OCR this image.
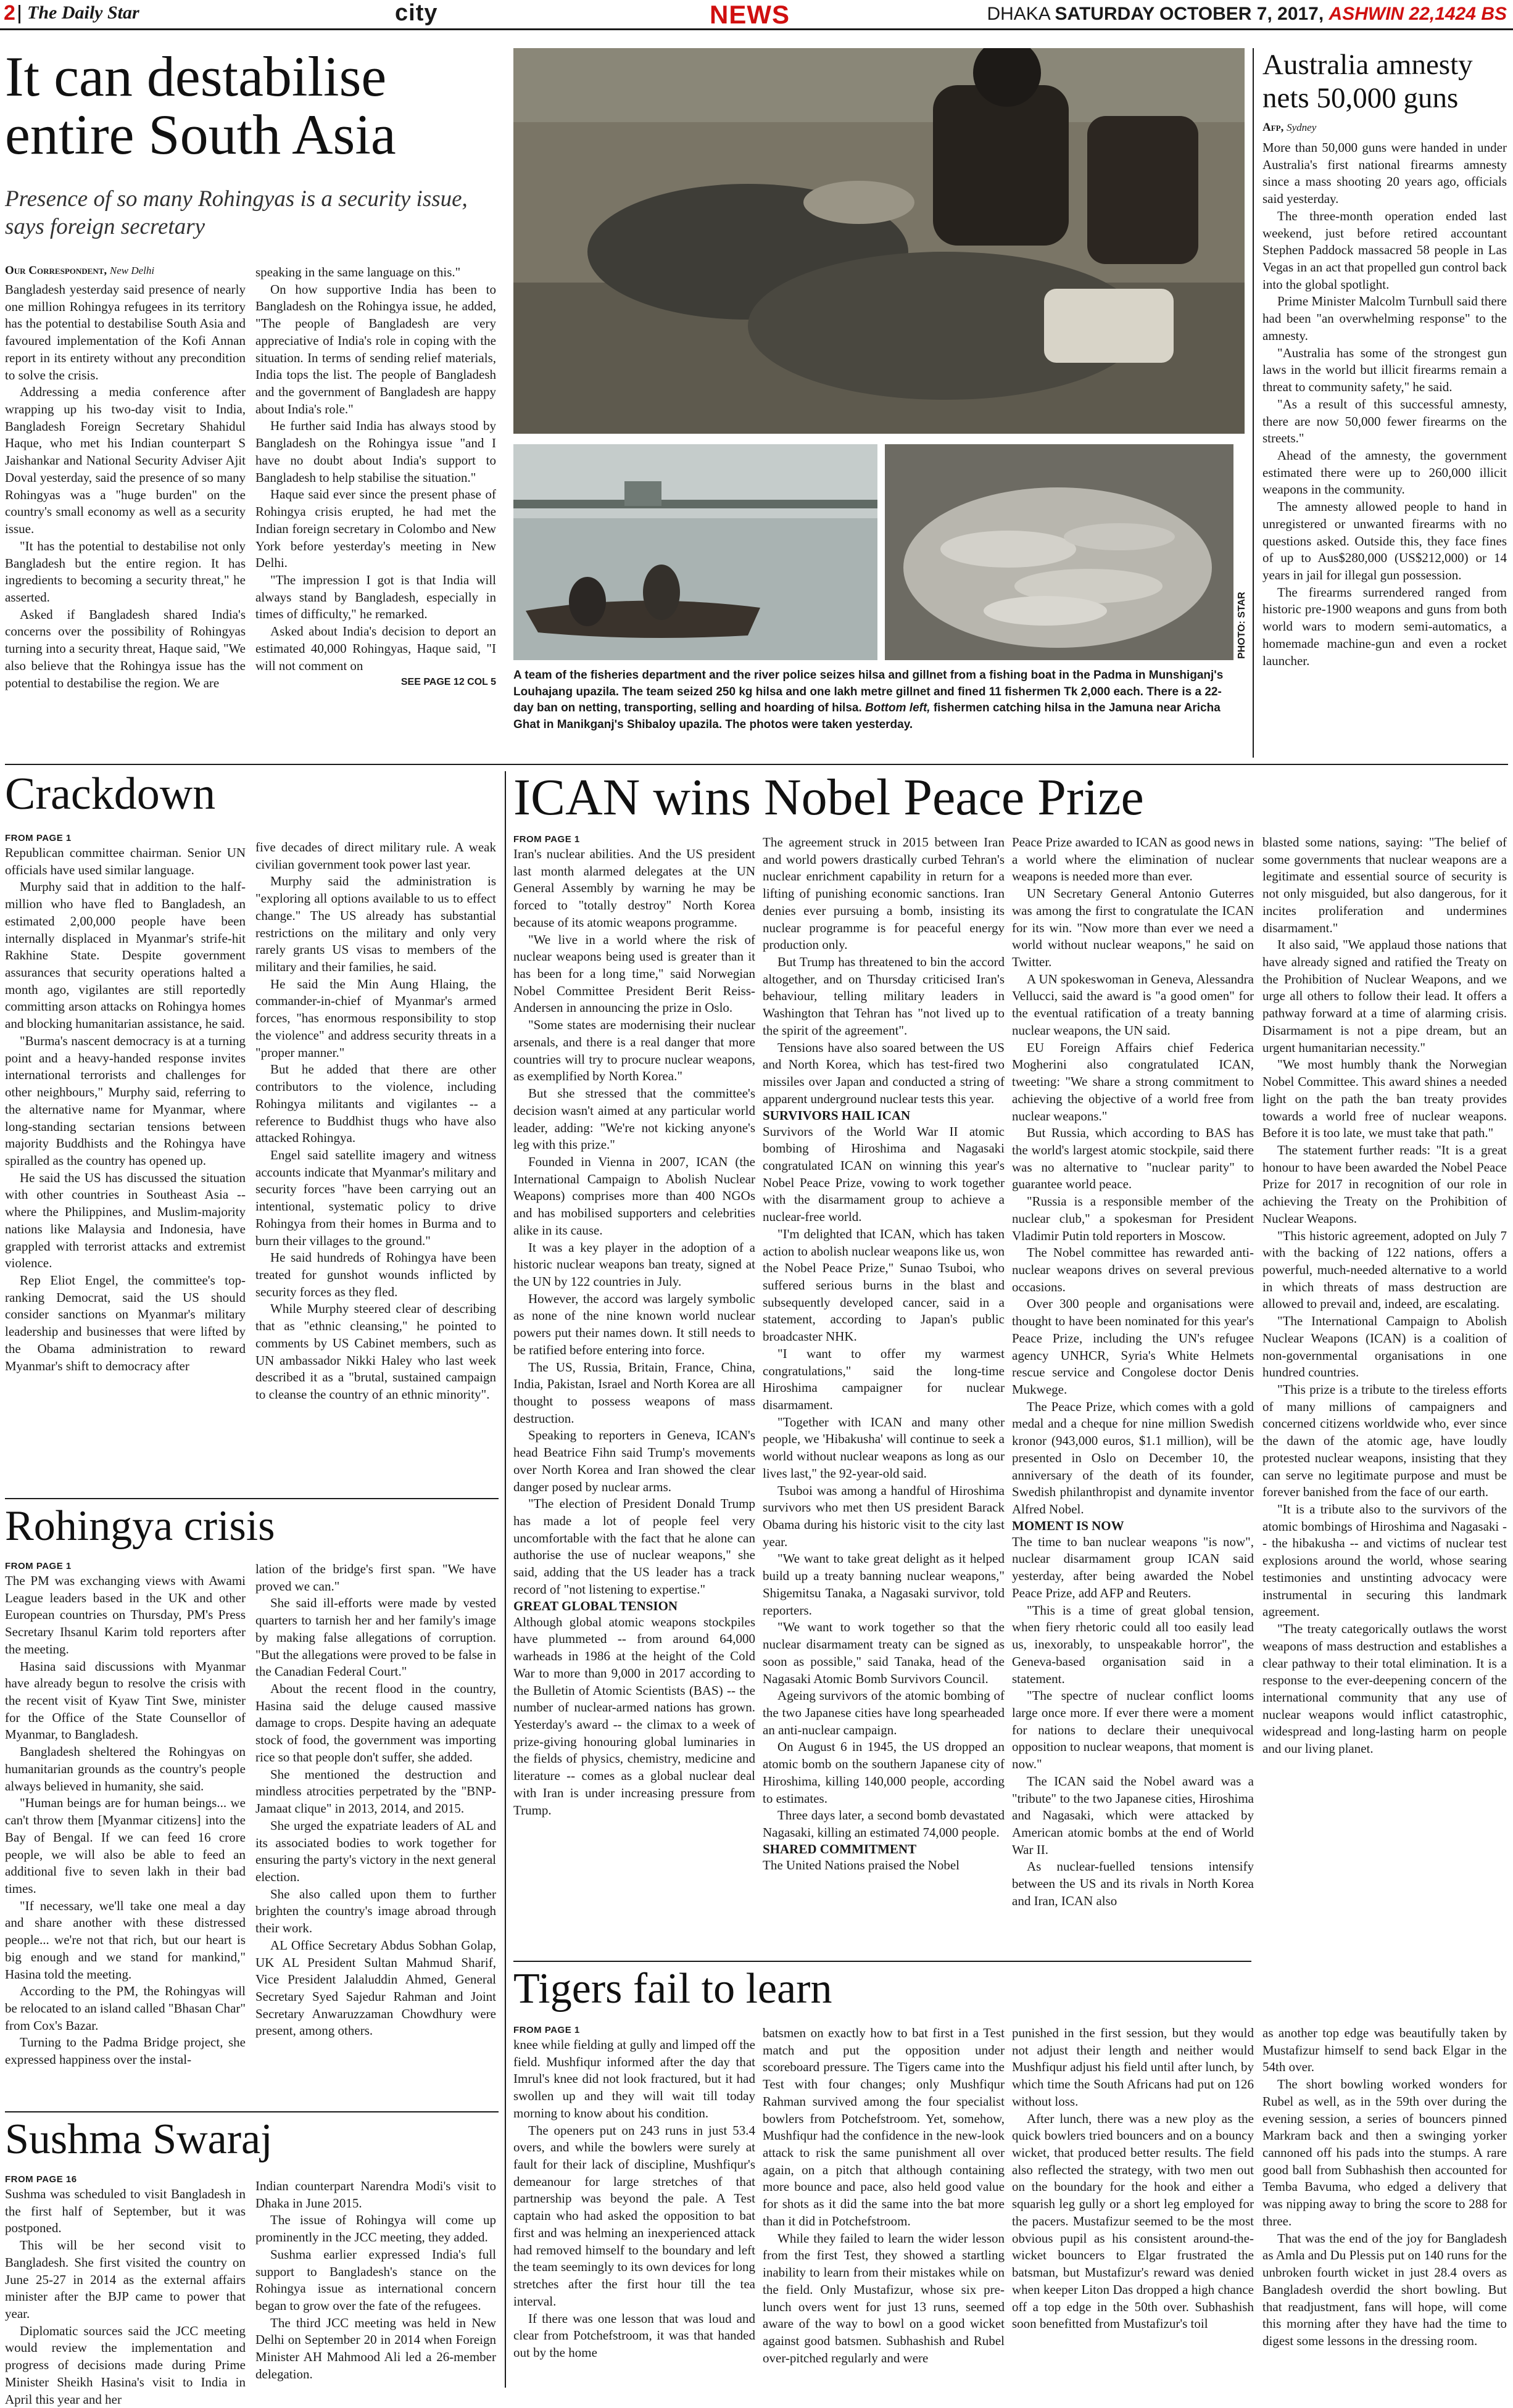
2 The Daily Star	city	NEWS	DHAKA SATURDAY OCTOBER 7, 2017, ASHWIN 22,1424 BS
It can destabilise entire South Asia
Presence of so many Rohingyas is a security issue, says foreign secretary
Our Correspondent, New Delhi

Bangladesh yesterday said presence of nearly one million Rohingya refugees in its territory has the potential to destabilise South Asia and favoured implementation of the Kofi Annan report in its entirety without any precondition to solve the crisis.

Addressing a media conference after wrapping up his two-day visit to India, Bangladesh Foreign Secretary Shahidul Haque, who met his Indian counterpart S Jaishankar and National Security Adviser Ajit Doval yesterday, said the presence of so many Rohingyas was a "huge burden" on the country's small economy as well as a security issue.

"It has the potential to destabilise not only Bangladesh but the entire region. It has ingredients to becoming a security threat," he asserted.

Asked if Bangladesh shared India's concerns over the possibility of Rohingyas turning into a security threat, Haque said, "We also believe that the Rohingya issue has the potential to destabilise the region. We are

speaking in the same language on this."

On how supportive India has been to Bangladesh on the Rohingya issue, he added, "The people of Bangladesh are very appreciative of India's role in coping with the situation. In terms of sending relief materials, India tops the list. The people of Bangladesh and the government of Bangladesh are happy about India's role."

He further said India has always stood by Bangladesh on the Rohingya issue "and I have no doubt about India's support to Bangladesh to help stabilise the situation."

Haque said ever since the present phase of Rohingya crisis erupted, he had met the Indian foreign secretary in Colombo and New York before yesterday's meeting in New Delhi.

"The impression I got is that India will always stand by Bangladesh, especially in times of difficulty," he remarked.

Asked about India's decision to deport an estimated 40,000 Rohingyas, Haque said, "I will not comment on

SEE PAGE 12 COL 5
PHOTO: STAR
A team of the fisheries department and the river police seizes hilsa and gillnet from a fishing boat in the Padma in Munshiganj's Louhajang upazila. The team seized 250 kg hilsa and one lakh metre gillnet and fined 11 fishermen Tk 2,000 each. There is a 22-day ban on netting, transporting, selling and hoarding of hilsa. Bottom left, fishermen catching hilsa in the Jamuna near Aricha Ghat in Manikganj's Shibaloy upazila. The photos were taken yesterday.
Australia amnesty nets 50,000 guns
Afp, Sydney

More than 50,000 guns were handed in under Australia's first national firearms amnesty since a mass shooting 20 years ago, officials said yesterday.

The three-month operation ended last weekend, just before retired accountant Stephen Paddock massacred 58 people in Las Vegas in an act that propelled gun control back into the global spotlight.

Prime Minister Malcolm Turnbull said there had been "an overwhelming response" to the amnesty.

"Australia has some of the strongest gun laws in the world but illicit firearms remain a threat to community safety," he said.

"As a result of this successful amnesty, there are now 50,000 fewer firearms on the streets."

Ahead of the amnesty, the government estimated there were up to 260,000 illicit weapons in the community.

The amnesty allowed people to hand in unregistered or unwanted firearms with no questions asked. Outside this, they face fines of up to Aus$280,000 (US$212,000) or 14 years in jail for illegal gun possession.

The firearms surrendered ranged from historic pre-1900 weapons and guns from both world wars to modern semi-automatics, a homemade machine-gun and even a rocket launcher.

Crackdown
FROM PAGE 1

Republican committee chairman. Senior UN officials have used similar language.

Murphy said that in addition to the half-million who have fled to Bangladesh, an estimated 2,00,000 people have been internally displaced in Myanmar's strife-hit Rakhine State. Despite government assurances that security operations halted a month ago, vigilantes are still reportedly committing arson attacks on Rohingya homes and blocking humanitarian assistance, he said.

"Burma's nascent democracy is at a turning point and a heavy-handed response invites international terrorists and challenges for other neighbours," Murphy said, referring to the alternative name for Myanmar, where long-standing sectarian tensions between majority Buddhists and the Rohingya have spiralled as the country has opened up.

He said the US has discussed the situation with other countries in Southeast Asia -- where the Philippines, and Muslim-majority nations like Malaysia and Indonesia, have grappled with terrorist attacks and extremist violence.

Rep Eliot Engel, the committee's top-ranking Democrat, said the US should consider sanctions on Myanmar's military leadership and businesses that were lifted by the Obama administration to reward Myanmar's shift to democracy after

five decades of direct military rule. A weak civilian government took power last year.

Murphy said the administration is "exploring all options available to us to effect change." The US already has substantial restrictions on the military and only very rarely grants US visas to members of the military and their families, he said.

He said the Min Aung Hlaing, the commander-in-chief of Myanmar's armed forces, "has enormous responsibility to stop the violence" and address security threats in a "proper manner."

But he added that there are other contributors to the violence, including Rohingya militants and vigilantes -- a reference to Buddhist thugs who have also attacked Rohingya.

Engel said satellite imagery and witness accounts indicate that Myanmar's military and security forces "have been carrying out an intentional, systematic policy to drive Rohingya from their homes in Burma and to burn their villages to the ground."

He said hundreds of Rohingya have been treated for gunshot wounds inflicted by security forces as they fled.

While Murphy steered clear of describing that as "ethnic cleansing," he pointed to comments by US Cabinet members, such as UN ambassador Nikki Haley who last week described it as a "brutal, sustained campaign to cleanse the country of an ethnic minority".

Rohingya crisis
FROM PAGE 1

The PM was exchanging views with Awami League leaders based in the UK and other European countries on Thursday, PM's Press Secretary Ihsanul Karim told reporters after the meeting.

Hasina said discussions with Myanmar have already begun to resolve the crisis with the recent visit of Kyaw Tint Swe, minister for the Office of the State Counsellor of Myanmar, to Bangladesh.

Bangladesh sheltered the Rohingyas on humanitarian grounds as the country's people always believed in humanity, she said.

"Human beings are for human beings... we can't throw them [Myanmar citizens] into the Bay of Bengal. If we can feed 16 crore people, we will also be able to feed an additional five to seven lakh in their bad times.

"If necessary, we'll take one meal a day and share another with these distressed people... we're not that rich, but our heart is big enough and we stand for mankind," Hasina told the meeting.

According to the PM, the Rohingyas will be relocated to an island called "Bhasan Char" from Cox's Bazar.

Turning to the Padma Bridge project, she expressed happiness over the instal-

lation of the bridge's first span. "We have proved we can."

She said ill-efforts were made by vested quarters to tarnish her and her family's image by making false allegations of corruption. "But the allegations were proved to be false in the Canadian Federal Court."

About the recent flood in the country, Hasina said the deluge caused massive damage to crops. Despite having an adequate stock of food, the government was importing rice so that people don't suffer, she added.

She mentioned the destruction and mindless atrocities perpetrated by the "BNP-Jamaat clique" in 2013, 2014, and 2015.

She urged the expatriate leaders of AL and its associated bodies to work together for ensuring the party's victory in the next general election.

She also called upon them to further brighten the country's image abroad through their work.

AL Office Secretary Abdus Sobhan Golap, UK AL President Sultan Mahmud Sharif, Vice President Jalaluddin Ahmed, General Secretary Syed Sajedur Rahman and Joint Secretary Anwaruzzaman Chowdhury were present, among others.

Sushma Swaraj
FROM PAGE 16

Sushma was scheduled to visit Bangladesh in the first half of September, but it was postponed.

This will be her second visit to Bangladesh. She first visited the country on June 25-27 in 2014 as the external affairs minister after the BJP came to power that year.

Diplomatic sources said the JCC meeting would review the implementation and progress of decisions made during Prime Minister Sheikh Hasina's visit to India in April this year and her

Indian counterpart Narendra Modi's visit to Dhaka in June 2015.

The issue of Rohingya will come up prominently in the JCC meeting, they added.

Sushma earlier expressed India's full support to Bangladesh's stance on the Rohingya issue as international concern began to grow over the fate of the refugees.

The third JCC meeting was held in New Delhi on September 20 in 2014 when Foreign Minister AH Mahmood Ali led a 26-member delegation.

ICAN wins Nobel Peace Prize
FROM PAGE 1

Iran's nuclear abilities. And the US president last month alarmed delegates at the UN General Assembly by warning he may be forced to "totally destroy" North Korea because of its atomic weapons programme.

"We live in a world where the risk of nuclear weapons being used is greater than it has been for a long time," said Norwegian Nobel Committee President Berit Reiss-Andersen in announcing the prize in Oslo.

"Some states are modernising their nuclear arsenals, and there is a real danger that more countries will try to procure nuclear weapons, as exemplified by North Korea."

But she stressed that the committee's decision wasn't aimed at any particular world leader, adding: "We're not kicking anyone's leg with this prize."

Founded in Vienna in 2007, ICAN (the International Campaign to Abolish Nuclear Weapons) comprises more than 400 NGOs and has mobilised supporters and celebrities alike in its cause.

It was a key player in the adoption of a historic nuclear weapons ban treaty, signed at the UN by 122 countries in July.

However, the accord was largely symbolic as none of the nine known world nuclear powers put their names down. It still needs to be ratified before entering into force.

The US, Russia, Britain, France, China, India, Pakistan, Israel and North Korea are all thought to possess weapons of mass destruction.

Speaking to reporters in Geneva, ICAN's head Beatrice Fihn said Trump's movements over North Korea and Iran showed the clear danger posed by nuclear arms.

"The election of President Donald Trump has made a lot of people feel very uncomfortable with the fact that he alone can authorise the use of nuclear weapons," she said, adding that the US leader has a track record of "not listening to expertise."

GREAT GLOBAL TENSION

Although global atomic weapons stockpiles have plummeted -- from around 64,000 warheads in 1986 at the height of the Cold War to more than 9,000 in 2017 according to the Bulletin of Atomic Scientists (BAS) -- the number of nuclear-armed nations has grown. Yesterday's award -- the climax to a week of prize-giving honouring global luminaries in the fields of physics, chemistry, medicine and literature -- comes as a global nuclear deal with Iran is under increasing pressure from Trump.

The agreement struck in 2015 between Iran and world powers drastically curbed Tehran's nuclear enrichment capability in return for a lifting of punishing economic sanctions. Iran denies ever pursuing a bomb, insisting its nuclear programme is for peaceful energy production only.

But Trump has threatened to bin the accord altogether, and on Thursday criticised Iran's behaviour, telling military leaders in Washington that Tehran has "not lived up to the spirit of the agreement".

Tensions have also soared between the US and North Korea, which has test-fired two missiles over Japan and conducted a string of apparent underground nuclear tests this year.

SURVIVORS HAIL ICAN

Survivors of the World War II atomic bombing of Hiroshima and Nagasaki congratulated ICAN on winning this year's Nobel Peace Prize, vowing to work together with the disarmament group to achieve a nuclear-free world.

"I'm delighted that ICAN, which has taken action to abolish nuclear weapons like us, won the Nobel Peace Prize," Sunao Tsuboi, who suffered serious burns in the blast and subsequently developed cancer, said in a statement, according to Japan's public broadcaster NHK.

"I want to offer my warmest congratulations," said the long-time Hiroshima campaigner for nuclear disarmament.

"Together with ICAN and many other people, we 'Hibakusha' will continue to seek a world without nuclear weapons as long as our lives last," the 92-year-old said.

Tsuboi was among a handful of Hiroshima survivors who met then US president Barack Obama during his historic visit to the city last year.

"We want to take great delight as it helped build up a treaty banning nuclear weapons," Shigemitsu Tanaka, a Nagasaki survivor, told reporters.

"We want to work together so that the nuclear disarmament treaty can be signed as soon as possible," said Tanaka, head of the Nagasaki Atomic Bomb Survivors Council.

Ageing survivors of the atomic bombing of the two Japanese cities have long spearheaded an anti-nuclear campaign.

On August 6 in 1945, the US dropped an atomic bomb on the southern Japanese city of Hiroshima, killing 140,000 people, according to estimates.

Three days later, a second bomb devastated Nagasaki, killing an estimated 74,000 people.

SHARED COMMITMENT

The United Nations praised the Nobel

Peace Prize awarded to ICAN as good news in a world where the elimination of nuclear weapons is needed more than ever.

UN Secretary General Antonio Guterres was among the first to congratulate the ICAN for its win. "Now more than ever we need a world without nuclear weapons," he said on Twitter.

A UN spokeswoman in Geneva, Alessandra Vellucci, said the award is "a good omen" for the eventual ratification of a treaty banning nuclear weapons, the UN said.

EU Foreign Affairs chief Federica Mogherini also congratulated ICAN, tweeting: "We share a strong commitment to achieving the objective of a world free from nuclear weapons."

But Russia, which according to BAS has the world's largest atomic stockpile, said there was no alternative to "nuclear parity" to guarantee world peace.

"Russia is a responsible member of the nuclear club," a spokesman for President Vladimir Putin told reporters in Moscow.

The Nobel committee has rewarded anti-nuclear weapons drives on several previous occasions.

Over 300 people and organisations were thought to have been nominated for this year's Peace Prize, including the UN's refugee agency UNHCR, Syria's White Helmets rescue service and Congolese doctor Denis Mukwege.

The Peace Prize, which comes with a gold medal and a cheque for nine million Swedish kronor (943,000 euros, $1.1 million), will be presented in Oslo on December 10, the anniversary of the death of its founder, Swedish philanthropist and dynamite inventor Alfred Nobel.

MOMENT IS NOW

The time to ban nuclear weapons "is now", nuclear disarmament group ICAN said yesterday, after being awarded the Nobel Peace Prize, add AFP and Reuters.

"This is a time of great global tension, when fiery rhetoric could all too easily lead us, inexorably, to unspeakable horror", the Geneva-based organisation said in a statement.

"The spectre of nuclear conflict looms large once more. If ever there were a moment for nations to declare their unequivocal opposition to nuclear weapons, that moment is now."

The ICAN said the Nobel award was a "tribute" to the two Japanese cities, Hiroshima and Nagasaki, which were attacked by American atomic bombs at the end of World War II.

As nuclear-fuelled tensions intensify between the US and its rivals in North Korea and Iran, ICAN also

blasted some nations, saying: "The belief of some governments that nuclear weapons are a legitimate and essential source of security is not only misguided, but also dangerous, for it incites proliferation and undermines disarmament."

It also said, "We applaud those nations that have already signed and ratified the Treaty on the Prohibition of Nuclear Weapons, and we urge all others to follow their lead. It offers a pathway forward at a time of alarming crisis. Disarmament is not a pipe dream, but an urgent humanitarian necessity."

"We most humbly thank the Norwegian Nobel Committee. This award shines a needed light on the path the ban treaty provides towards a world free of nuclear weapons. Before it is too late, we must take that path."

The statement further reads: "It is a great honour to have been awarded the Nobel Peace Prize for 2017 in recognition of our role in achieving the Treaty on the Prohibition of Nuclear Weapons.

"This historic agreement, adopted on July 7 with the backing of 122 nations, offers a powerful, much-needed alternative to a world in which threats of mass destruction are allowed to prevail and, indeed, are escalating.

"The International Campaign to Abolish Nuclear Weapons (ICAN) is a coalition of non-governmental organisations in one hundred countries.

"This prize is a tribute to the tireless efforts of many millions of campaigners and concerned citizens worldwide who, ever since the dawn of the atomic age, have loudly protested nuclear weapons, insisting that they can serve no legitimate purpose and must be forever banished from the face of our earth.

"It is a tribute also to the survivors of the atomic bombings of Hiroshima and Nagasaki -- the hibakusha -- and victims of nuclear test explosions around the world, whose searing testimonies and unstinting advocacy were instrumental in securing this landmark agreement.

"The treaty categorically outlaws the worst weapons of mass destruction and establishes a clear pathway to their total elimination. It is a response to the ever-deepening concern of the international community that any use of nuclear weapons would inflict catastrophic, widespread and long-lasting harm on people and our living planet.

Tigers fail to learn
FROM PAGE 1

knee while fielding at gully and limped off the field. Mushfiqur informed after the day that Imrul's knee did not look fractured, but it had swollen up and they will wait till today morning to know about his condition.

The openers put on 243 runs in just 53.4 overs, and while the bowlers were surely at fault for their lack of discipline, Mushfiqur's demeanour for large stretches of that partnership was beyond the pale. A Test captain who had asked the opposition to bat first and was helming an inexperienced attack had removed himself to the boundary and left the team seemingly to its own devices for long stretches after the first hour till the tea interval.

If there was one lesson that was loud and clear from Potchefstroom, it was that handed out by the home

batsmen on exactly how to bat first in a Test match and put the opposition under scoreboard pressure. The Tigers came into the Test with four changes; only Mushfiqur Rahman survived among the four specialist bowlers from Potchefstroom. Yet, somehow, Mushfiqur had the confidence in the new-look attack to risk the same punishment all over again, on a pitch that although containing more bounce and pace, also held good value for shots as it did the same into the bat more than it did in Potchefstroom.

While they failed to learn the wider lesson from the first Test, they showed a startling inability to learn from their mistakes while on the field. Only Mustafizur, whose six pre-lunch overs went for just 13 runs, seemed aware of the way to bowl on a good wicket against good batsmen. Subhashish and Rubel over-pitched regularly and were

punished in the first session, but they would not adjust their length and neither would Mushfiqur adjust his field until after lunch, by which time the South Africans had put on 126 without loss.

After lunch, there was a new ploy as the quick bowlers tried bouncers and on a bouncy wicket, that produced better results. The field also reflected the strategy, with two men out on the boundary for the hook and either a squarish leg gully or a short leg employed for the pacers. Mustafizur seemed to be the most obvious pupil as his consistent around-the-wicket bouncers to Elgar frustrated the batsman, but Mustafizur's reward was denied when keeper Liton Das dropped a high chance off a top edge in the 50th over. Subhashish soon benefitted from Mustafizur's toil

as another top edge was beautifully taken by Mustafizur himself to send back Elgar in the 54th over.

The short bowling worked wonders for Rubel as well, as in the 59th over during the evening session, a series of bouncers pinned Markram back and then a swinging yorker cannoned off his pads into the stumps. A rare good ball from Subhashish then accounted for Temba Bavuma, who edged a delivery that was nipping away to bring the score to 288 for three.

That was the end of the joy for Bangladesh as Amla and Du Plessis put on 140 runs for the unbroken fourth wicket in just 28.4 overs as Bangladesh overdid the short bowling. But that readjustment, fans will hope, will come this morning after they have had the time to digest some lessons in the dressing room.
